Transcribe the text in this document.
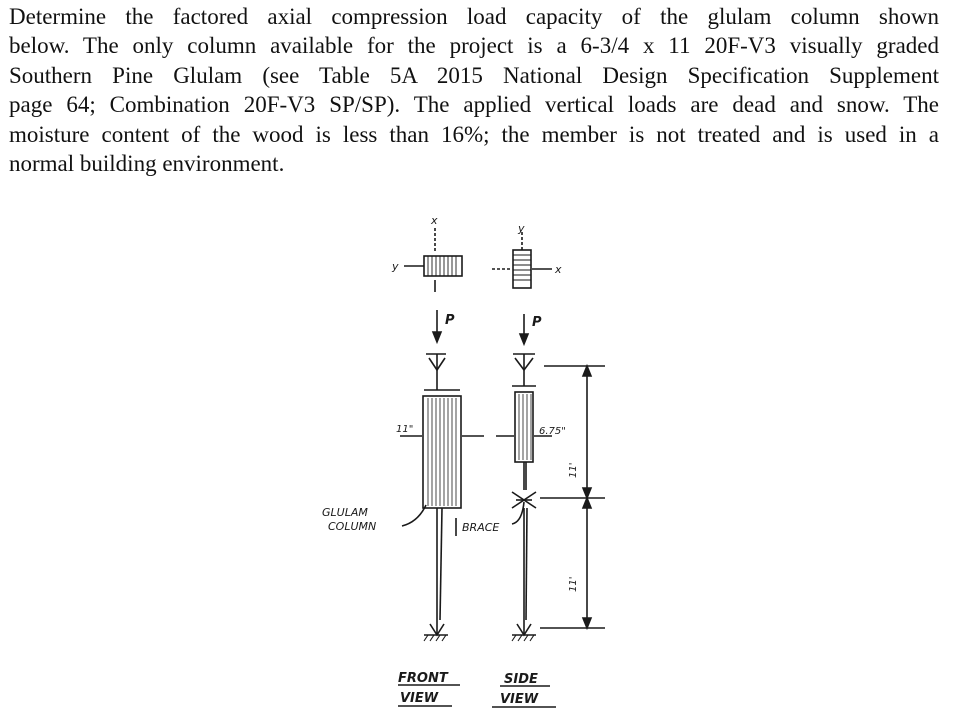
Determine the factored axial compression load capacity of the glulam column shown
below. The only column available for the project is a 6-3/4 x 11 20F-V3 visually graded
Southern Pine Glulam (see Table 5A 2015 National Design Specification Supplement
page 64; Combination 20F-V3 SP/SP). The applied vertical loads are dead and snow. The
moisture content of the wood is less than 16%; the member is not treated and is used in a
normal building environment.

x
y
y
x
P	P
11"	6.75"
11'
11'
GLULAM
COLUMN	BRACE
FRONT
VIEW
SIDE
VIEW
